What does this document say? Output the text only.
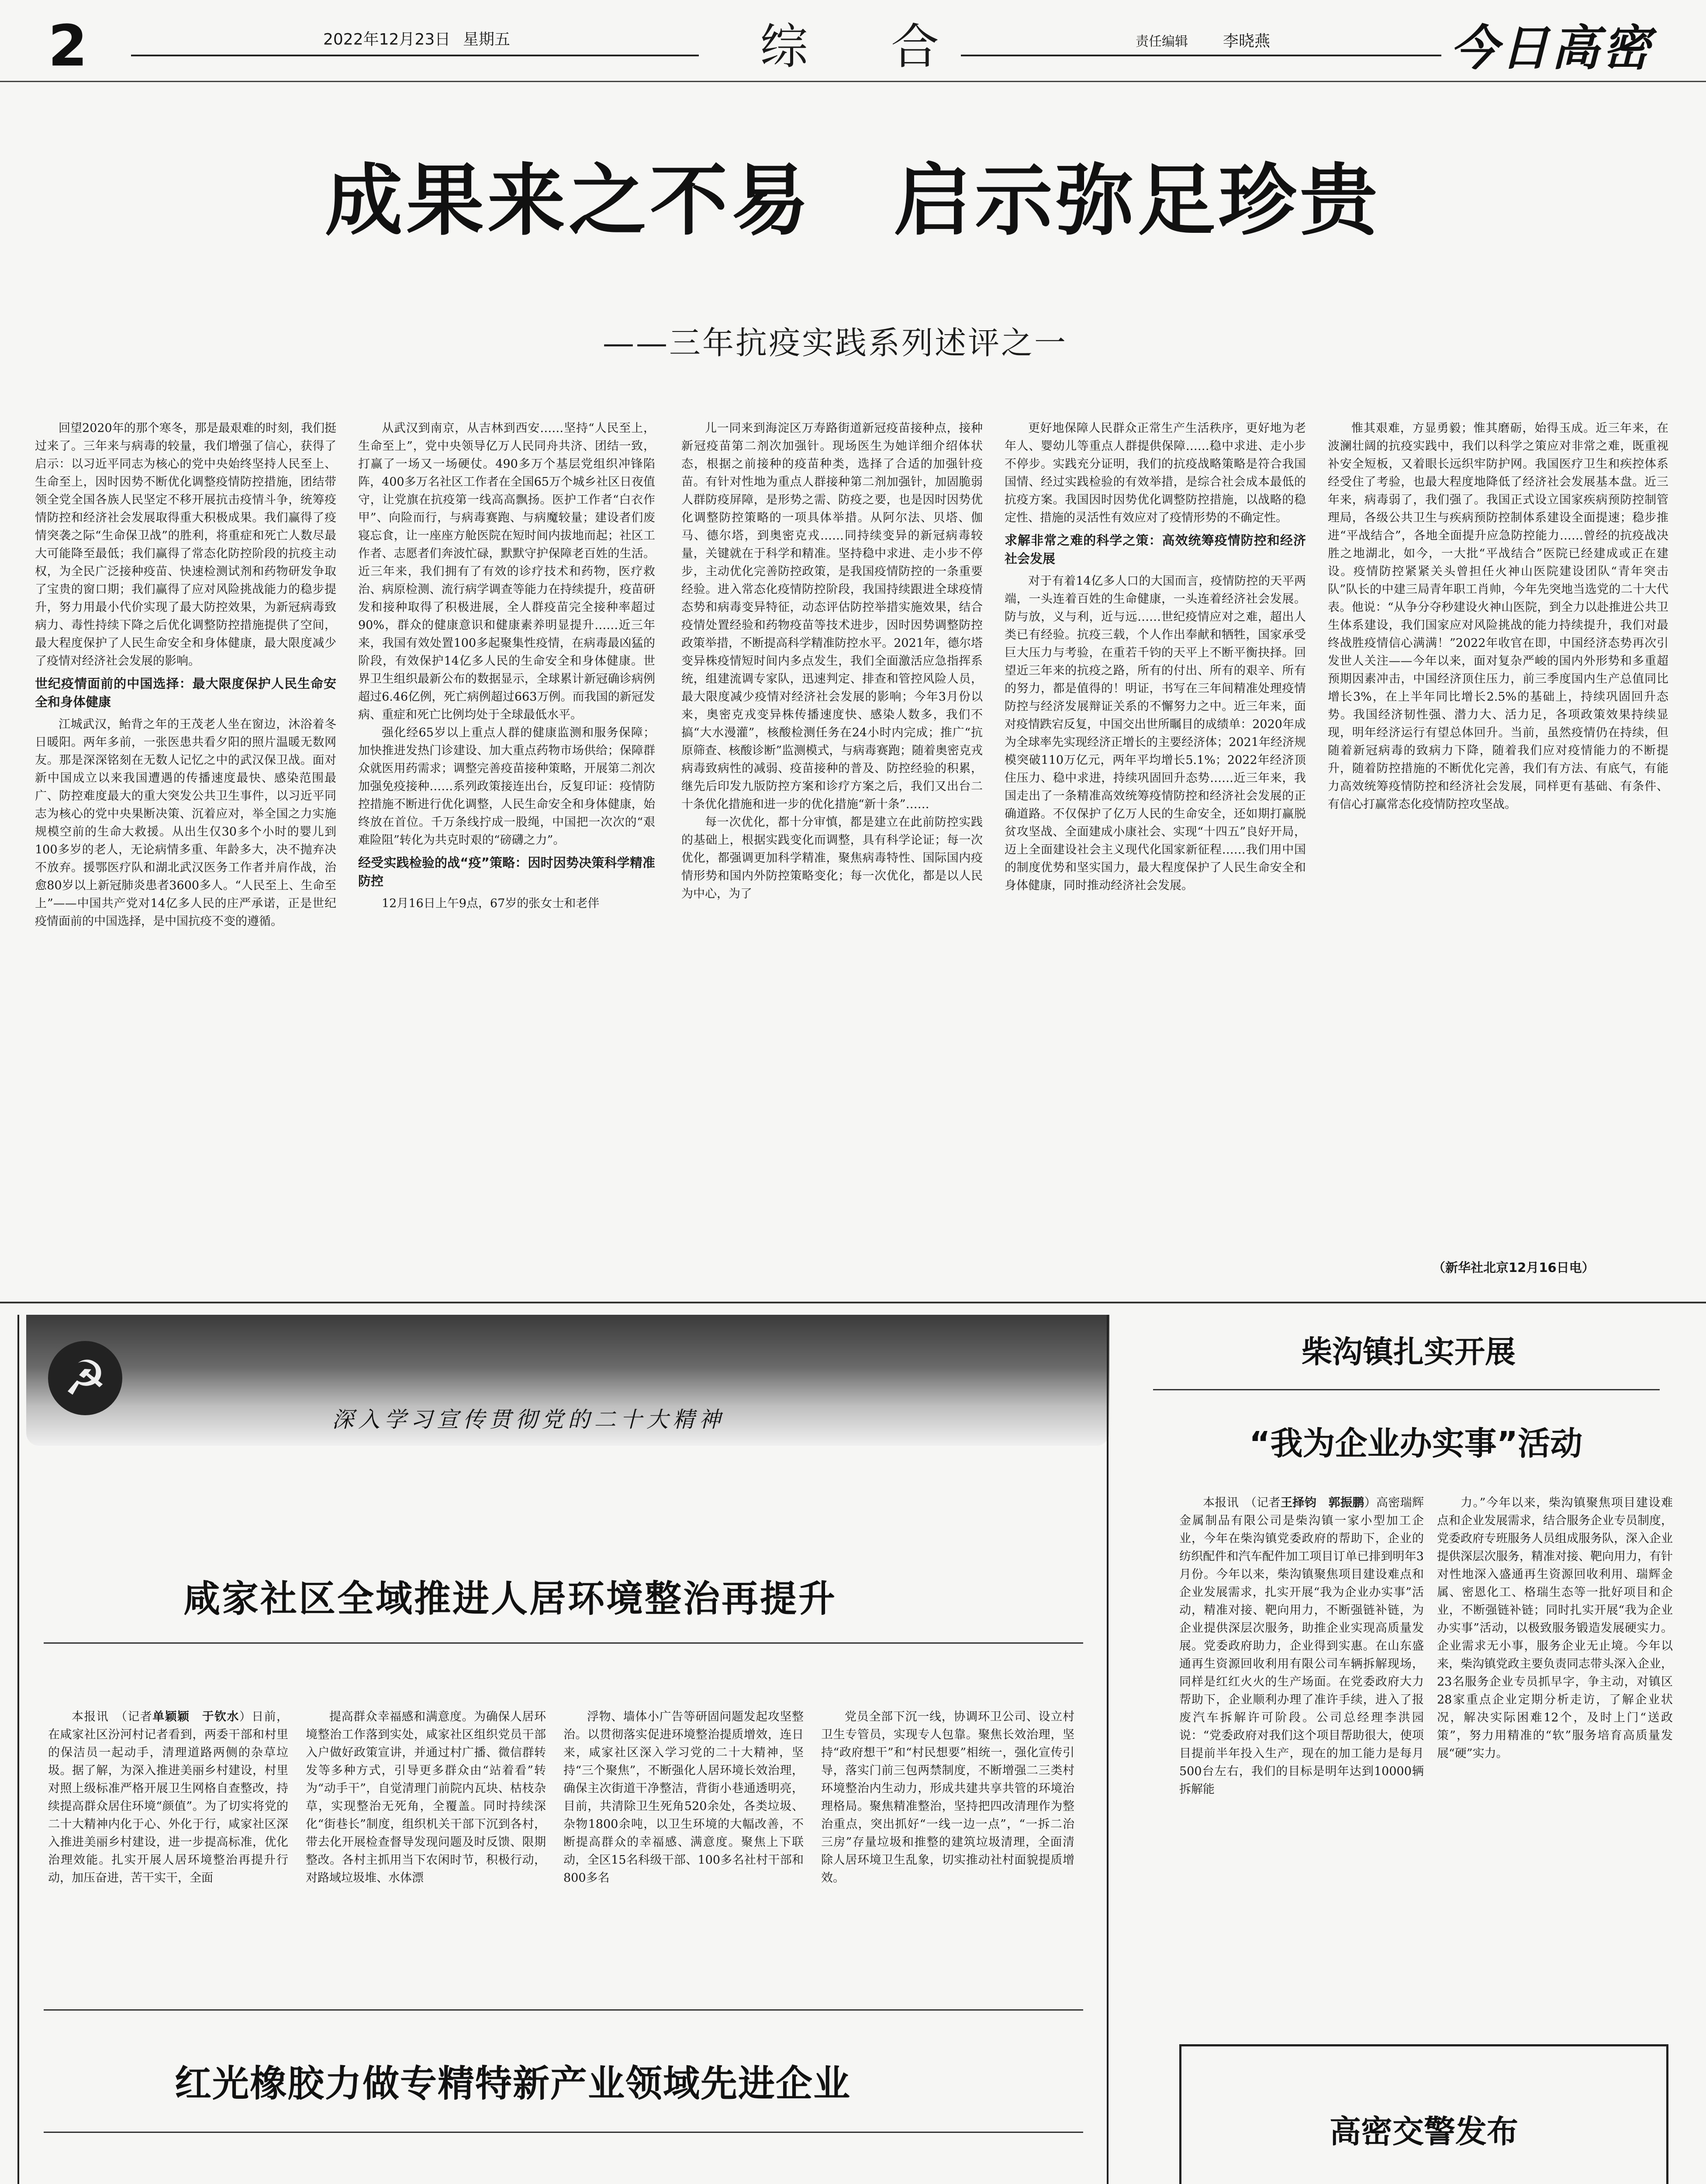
2	2022年12月23日 星期五	综　合	责任编辑 李晓燕	今日高密
成果来之不易　启示弥足珍贵
——三年抗疫实践系列述评之一

回望2020年的那个寒冬，那是最艰难的时刻，我们挺过来了。三年来与病毒的较量，我们增强了信心，获得了启示：以习近平同志为核心的党中央始终坚持人民至上、生命至上，因时因势不断优化调整疫情防控措施，团结带领全党全国各族人民坚定不移开展抗击疫情斗争，统筹疫情防控和经济社会发展取得重大积极成果。我们赢得了疫情突袭之际“生命保卫战”的胜利，将重症和死亡人数尽最大可能降至最低；我们赢得了常态化防控阶段的抗疫主动权，为全民广泛接种疫苗、快速检测试剂和药物研发争取了宝贵的窗口期；我们赢得了应对风险挑战能力的稳步提升，努力用最小代价实现了最大防控效果，为新冠病毒致病力、毒性持续下降之后优化调整防控措施提供了空间，最大程度保护了人民生命安全和身体健康，最大限度减少了疫情对经济社会发展的影响。

世纪疫情面前的中国选择：最大限度保护人民生命安全和身体健康

江城武汉，鲐背之年的王茂老人坐在窗边，沐浴着冬日暖阳。两年多前，一张医患共看夕阳的照片温暖无数网友。那是深深铭刻在无数人记忆之中的武汉保卫战。面对新中国成立以来我国遭遇的传播速度最快、感染范围最广、防控难度最大的重大突发公共卫生事件，以习近平同志为核心的党中央果断决策、沉着应对，举全国之力实施规模空前的生命大救援。从出生仅30多个小时的婴儿到100多岁的老人，无论病情多重、年龄多大，决不抛弃决不放弃。援鄂医疗队和湖北武汉医务工作者并肩作战，治愈80岁以上新冠肺炎患者3600多人。“人民至上、生命至上”——中国共产党对14亿多人民的庄严承诺，正是世纪疫情面前的中国选择，是中国抗疫不变的遵循。

从武汉到南京，从吉林到西安……坚持“人民至上，生命至上”，党中央领导亿万人民同舟共济、团结一致，打赢了一场又一场硬仗。490多万个基层党组织冲锋陷阵，400多万名社区工作者在全国65万个城乡社区日夜值守，让党旗在抗疫第一线高高飘扬。医护工作者“白衣作甲”、向险而行，与病毒赛跑、与病魔较量；建设者们废寝忘食，让一座座方舱医院在短时间内拔地而起；社区工作者、志愿者们奔波忙碌，默默守护保障老百姓的生活。近三年来，我们拥有了有效的诊疗技术和药物，医疗救治、病原检测、流行病学调查等能力在持续提升，疫苗研发和接种取得了积极进展，全人群疫苗完全接种率超过90%，群众的健康意识和健康素养明显提升……近三年来，我国有效处置100多起聚集性疫情，在病毒最凶猛的阶段，有效保护14亿多人民的生命安全和身体健康。世界卫生组织最新公布的数据显示，全球累计新冠确诊病例超过6.46亿例，死亡病例超过663万例。而我国的新冠发病、重症和死亡比例均处于全球最低水平。

强化经65岁以上重点人群的健康监测和服务保障；加快推进发热门诊建设、加大重点药物市场供给；保障群众就医用药需求；调整完善疫苗接种策略，开展第二剂次加强免疫接种……系列政策接连出台，反复印证：疫情防控措施不断进行优化调整，人民生命安全和身体健康，始终放在首位。千万条线拧成一股绳，中国把一次次的“艰难险阻”转化为共克时艰的“磅礴之力”。

经受实践检验的战“疫”策略：因时因势决策科学精准防控

12月16日上午9点，67岁的张女士和老伴

儿一同来到海淀区万寿路街道新冠疫苗接种点，接种新冠疫苗第二剂次加强针。现场医生为她详细介绍体状态，根据之前接种的疫苗种类，选择了合适的加强针疫苗。有针对性地为重点人群接种第二剂加强针，加固脆弱人群防疫屏障，是形势之需、防疫之要，也是因时因势优化调整防控策略的一项具体举措。从阿尔法、贝塔、伽马、德尔塔，到奥密克戎……同持续变异的新冠病毒较量，关键就在于科学和精准。坚持稳中求进、走小步不停步，主动优化完善防控政策，是我国疫情防控的一条重要经验。进入常态化疫情防控阶段，我国持续跟进全球疫情态势和病毒变异特征，动态评估防控举措实施效果，结合疫情处置经验和药物疫苗等技术进步，因时因势调整防控政策举措，不断提高科学精准防控水平。2021年，德尔塔变异株疫情短时间内多点发生，我们全面激活应急指挥系统，组建流调专家队，迅速判定、排查和管控风险人员，最大限度减少疫情对经济社会发展的影响；今年3月份以来，奥密克戎变异株传播速度快、感染人数多，我们不搞“大水漫灌”，核酸检测任务在24小时内完成；推广“抗原筛查、核酸诊断”监测模式，与病毒赛跑；随着奥密克戎病毒致病性的减弱、疫苗接种的普及、防控经验的积累，继先后印发九版防控方案和诊疗方案之后，我们又出台二十条优化措施和进一步的优化措施“新十条”……

每一次优化，都十分审慎，都是建立在此前防控实践的基础上，根据实践变化而调整，具有科学论证；每一次优化，都强调更加科学精准，聚焦病毒特性、国际国内疫情形势和国内外防控策略变化；每一次优化，都是以人民为中心，为了

更好地保障人民群众正常生产生活秩序，更好地为老年人、婴幼儿等重点人群提供保障……稳中求进、走小步不停步。实践充分证明，我们的抗疫战略策略是符合我国国情、经过实践检验的有效举措，是综合社会成本最低的抗疫方案。我国因时因势优化调整防控措施，以战略的稳定性、措施的灵活性有效应对了疫情形势的不确定性。

求解非常之难的科学之策：高效统筹疫情防控和经济社会发展

对于有着14亿多人口的大国而言，疫情防控的天平两端，一头连着百姓的生命健康，一头连着经济社会发展。防与放，义与利，近与远……世纪疫情应对之难，超出人类已有经验。抗疫三载，个人作出奉献和牺牲，国家承受巨大压力与考验，在重若千钧的天平上不断平衡抉择。回望近三年来的抗疫之路，所有的付出、所有的艰辛、所有的努力，都是值得的！明证，书写在三年间精准处理疫情防控与经济发展辩证关系的不懈努力之中。近三年来，面对疫情跌宕反复，中国交出世所瞩目的成绩单：2020年成为全球率先实现经济正增长的主要经济体；2021年经济规模突破110万亿元，两年平均增长5.1%；2022年经济顶住压力、稳中求进，持续巩固回升态势……近三年来，我国走出了一条精准高效统筹疫情防控和经济社会发展的正确道路。不仅保护了亿万人民的生命安全，还如期打赢脱贫攻坚战、全面建成小康社会、实现“十四五”良好开局，迈上全面建设社会主义现代化国家新征程……我们用中国的制度优势和坚实国力，最大程度保护了人民生命安全和身体健康，同时推动经济社会发展。

惟其艰难，方显勇毅；惟其磨砺，始得玉成。近三年来，在波澜壮阔的抗疫实践中，我们以科学之策应对非常之难，既重视补安全短板，又着眼长远织牢防护网。我国医疗卫生和疾控体系经受住了考验，也最大程度地降低了经济社会发展基本盘。近三年来，病毒弱了，我们强了。我国正式设立国家疾病预防控制管理局，各级公共卫生与疾病预防控制体系建设全面提速；稳步推进“平战结合”，各地全面提升应急防控能力……曾经的抗疫战决胜之地湖北，如今，一大批“平战结合”医院已经建成或正在建设。疫情防控紧紧关头曾担任火神山医院建设团队“青年突击队”队长的中建三局青年职工肖帅，今年先突地当选党的二十大代表。他说：“从争分夺秒建设火神山医院，到全力以赴推进公共卫生体系建设，我们国家应对风险挑战的能力持续提升，我们对最终战胜疫情信心满满！”2022年收官在即，中国经济态势再次引发世人关注——今年以来，面对复杂严峻的国内外形势和多重超预期因素冲击，中国经济顶住压力，前三季度国内生产总值同比增长3%，在上半年同比增长2.5%的基础上，持续巩固回升态势。我国经济韧性强、潜力大、活力足，各项政策效果持续显现，明年经济运行有望总体回升。当前，虽然疫情仍在持续，但随着新冠病毒的致病力下降，随着我们应对疫情能力的不断提升，随着防控措施的不断优化完善，我们有方法、有底气，有能力高效统筹疫情防控和经济社会发展，同样更有基础、有条件、有信心打赢常态化疫情防控攻坚战。

（新华社北京12月16日电）
☭
深入学习宣传贯彻党的二十大精神
咸家社区全域推进人居环境整治再提升

本报讯　（记者单颖颖　于钦水）日前，在咸家社区汾河村记者看到，两委干部和村里的保洁员一起动手，清理道路两侧的杂草垃圾。据了解，为深入推进美丽乡村建设，村里对照上级标准严格开展卫生网格自查整改，持续提高群众居住环境“颜值”。为了切实将党的二十大精神内化于心、外化于行，咸家社区深入推进美丽乡村建设，进一步提高标准，优化治理效能。扎实开展人居环境整治再提升行动，加压奋进，苦干实干，全面

提高群众幸福感和满意度。为确保人居环境整治工作落到实处，咸家社区组织党员干部入户做好政策宣讲，并通过村广播、微信群转发等多种方式，引导更多群众由“站着看”转为“动手干”，自觉清理门前院内瓦块、枯枝杂草，实现整治无死角，全覆盖。同时持续深化“街巷长”制度，组织机关干部下沉到各村，带去化开展检查督导发现问题及时反馈、限期整改。各村主抓用当下农闲时节，积极行动，对路域垃圾堆、水体漂

浮物、墙体小广告等研固问题发起攻坚整治。以贯彻落实促进环境整治提质增效，连日来，咸家社区深入学习党的二十大精神，坚持“三个聚焦”，不断强化人居环境长效治理，确保主次街道干净整洁，背街小巷通透明亮，目前，共清除卫生死角520余处，各类垃圾、杂物1800余吨，以卫生环境的大幅改善，不断提高群众的幸福感、满意度。聚焦上下联动，全区15名科级干部、100多名社村干部和800多名

党员全部下沉一线，协调环卫公司、设立村卫生专管员，实现专人包靠。聚焦长效治理，坚持“政府想干”和“村民想要”相统一，强化宣传引导，落实门前三包两禁制度，不断增强二三类村环境整治内生动力，形成共建共享共管的环境治理格局。聚焦精准整治，坚持把四改清理作为整治重点，突出抓好“一线一边一点”，“一拆二治三房”存量垃圾和推整的建筑垃圾清理，全面清除人居环境卫生乱象，切实推动社村面貌提质增效。

红光橡胶力做专精特新产业领域先进企业

柴沟镇扎实开展
“我为企业办实事”活动

本报讯　（记者王择钧　郭振鹏）高密瑞辉金属制品有限公司是柴沟镇一家小型加工企业，今年在柴沟镇党委政府的帮助下，企业的纺织配件和汽车配件加工项目订单已排到明年3月份。今年以来，柴沟镇聚焦项目建设难点和企业发展需求，扎实开展“我为企业办实事”活动，精准对接、靶向用力，不断强链补链，为企业提供深层次服务，助推企业实现高质量发展。党委政府助力，企业得到实惠。在山东盛通再生资源回收利用有限公司车辆拆解现场，同样是红红火火的生产场面。在党委政府大力帮助下，企业顺利办理了准许手续，进入了报废汽车拆解许可阶段。公司总经理李洪园说：“党委政府对我们这个项目帮助很大，使项目提前半年投入生产，现在的加工能力是每月500台左右，我们的目标是明年达到10000辆拆解能

力。”今年以来，柴沟镇聚焦项目建设难点和企业发展需求，结合服务企业专员制度，党委政府专班服务人员组成服务队，深入企业提供深层次服务，精准对接、靶向用力，有针对性地深入盛通再生资源回收利用、瑞辉金属、密恩化工、格瑞生态等一批好项目和企业，不断强链补链；同时扎实开展“我为企业办实事”活动，以极致服务锻造发展硬实力。企业需求无小事，服务企业无止境。今年以来，柴沟镇党政主要负责同志带头深入企业，23名服务企业专员抓早字，争主动，对镇区28家重点企业定期分析走访，了解企业状况，解决实际困难12个，及时上门“送政策”，努力用精准的“软”服务培育高质量发展“硬”实力。

高密交警发布
